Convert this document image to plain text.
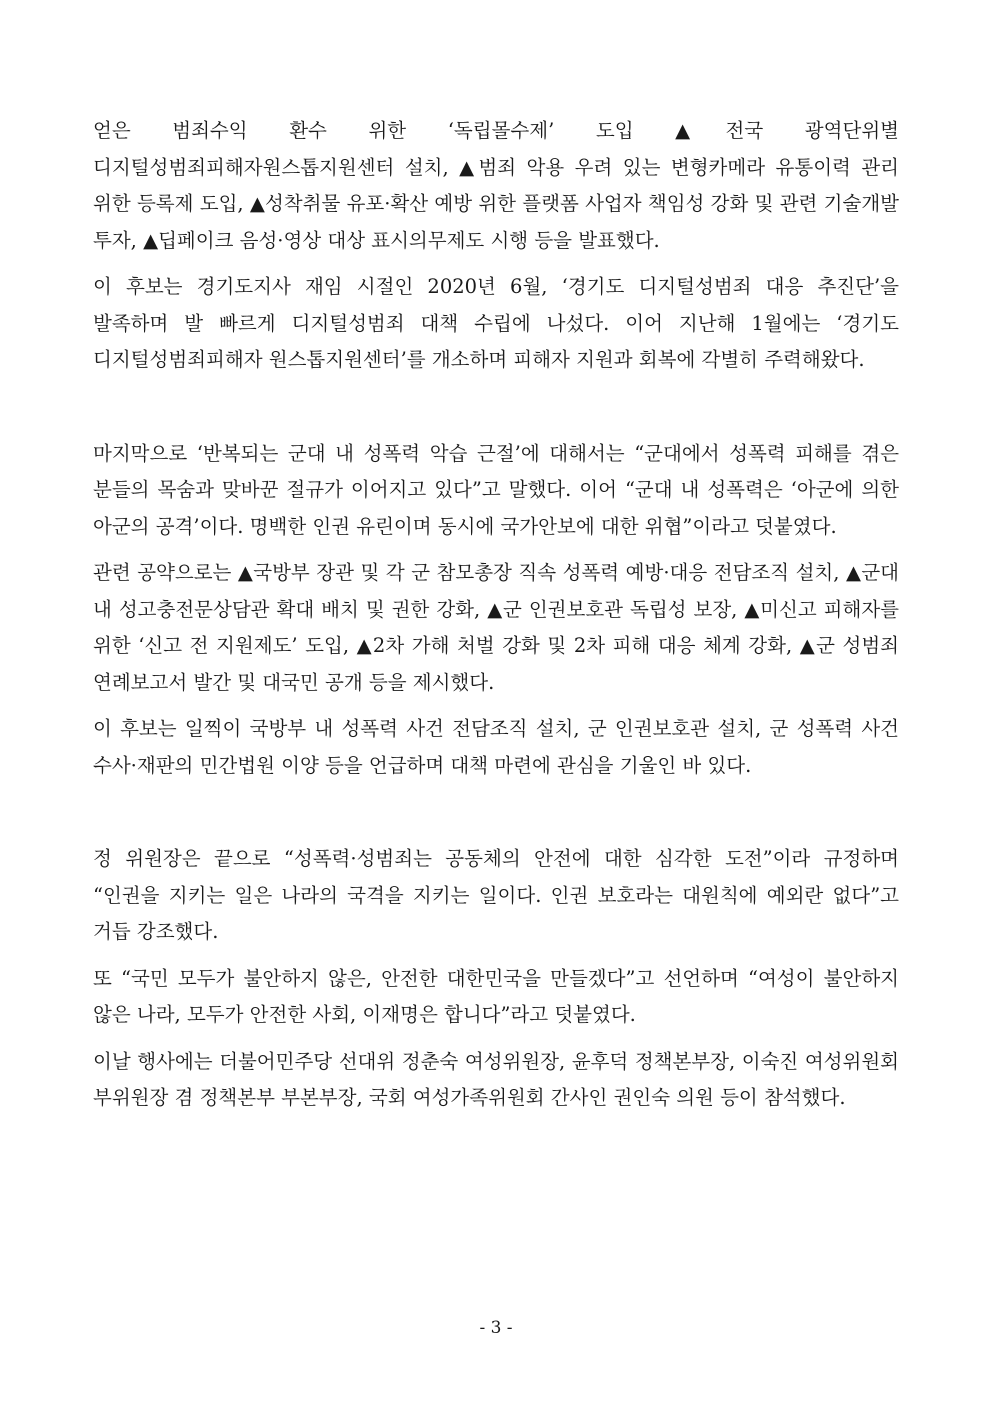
얻은 범죄수익 환수 위한 ‘독립몰수제’ 도입 ▲전국 광역단위별 디지털성범죄피해자원스톱지원센터 설치, ▲범죄 악용 우려 있는 변형카메라 유통이력 관리 위한 등록제 도입, ▲성착취물 유포·확산 예방 위한 플랫폼 사업자 책임성 강화 및 관련 기술개발 투자, ▲딥페이크 음성·영상 대상 표시의무제도 시행 등을 발표했다.

이 후보는 경기도지사 재임 시절인 2020년 6월, ‘경기도 디지털성범죄 대응 추진단’을 발족하며 발 빠르게 디지털성범죄 대책 수립에 나섰다. 이어 지난해 1월에는 ‘경기도 디지털성범죄피해자 원스톱지원센터’를 개소하며 피해자 지원과 회복에 각별히 주력해왔다.

마지막으로 ‘반복되는 군대 내 성폭력 악습 근절’에 대해서는 “군대에서 성폭력 피해를 겪은 분들의 목숨과 맞바꾼 절규가 이어지고 있다”고 말했다. 이어 “군대 내 성폭력은 ‘아군에 의한 아군의 공격’이다. 명백한 인권 유린이며 동시에 국가안보에 대한 위협”이라고 덧붙였다.

관련 공약으로는 ▲국방부 장관 및 각 군 참모총장 직속 성폭력 예방·대응 전담조직 설치, ▲군대 내 성고충전문상담관 확대 배치 및 권한 강화, ▲군 인권보호관 독립성 보장, ▲미신고 피해자를 위한 ‘신고 전 지원제도’ 도입, ▲2차 가해 처벌 강화 및 2차 피해 대응 체계 강화, ▲군 성범죄 연례보고서 발간 및 대국민 공개 등을 제시했다.

이 후보는 일찍이 국방부 내 성폭력 사건 전담조직 설치, 군 인권보호관 설치, 군 성폭력 사건 수사·재판의 민간법원 이양 등을 언급하며 대책 마련에 관심을 기울인 바 있다.

정 위원장은 끝으로 “성폭력·성범죄는 공동체의 안전에 대한 심각한 도전”이라 규정하며 “인권을 지키는 일은 나라의 국격을 지키는 일이다. 인권 보호라는 대원칙에 예외란 없다”고 거듭 강조했다.

또 “국민 모두가 불안하지 않은, 안전한 대한민국을 만들겠다”고 선언하며 “여성이 불안하지 않은 나라, 모두가 안전한 사회, 이재명은 합니다”라고 덧붙였다.

이날 행사에는 더불어민주당 선대위 정춘숙 여성위원장, 윤후덕 정책본부장, 이숙진 여성위원회 부위원장 겸 정책본부 부본부장, 국회 여성가족위원회 간사인 권인숙 의원 등이 참석했다.

- 3 -
